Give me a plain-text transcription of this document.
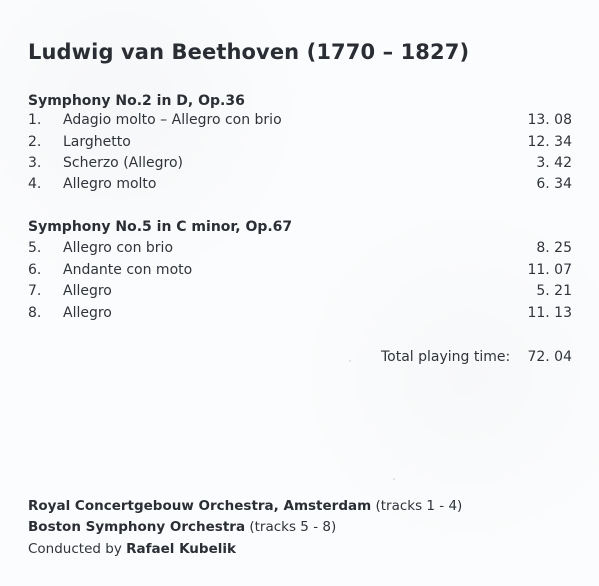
Ludwig van Beethoven (1770 – 1827)
Symphony No.2 in D, Op.36
1. Adagio molto – Allegro con brio	13. 08
2. Larghetto	12. 34
3. Scherzo (Allegro)	3. 42
4. Allegro molto	6. 34
Symphony No.5 in C minor, Op.67
5. Allegro con brio	8. 25
6. Andante con moto	11. 07
7. Allegro	5. 21
8. Allegro	11. 13
Total playing time: 72. 04
Royal Concertgebouw Orchestra, Amsterdam (tracks 1 - 4)
Boston Symphony Orchestra (tracks 5 - 8)
Conducted by Rafael Kubelik
